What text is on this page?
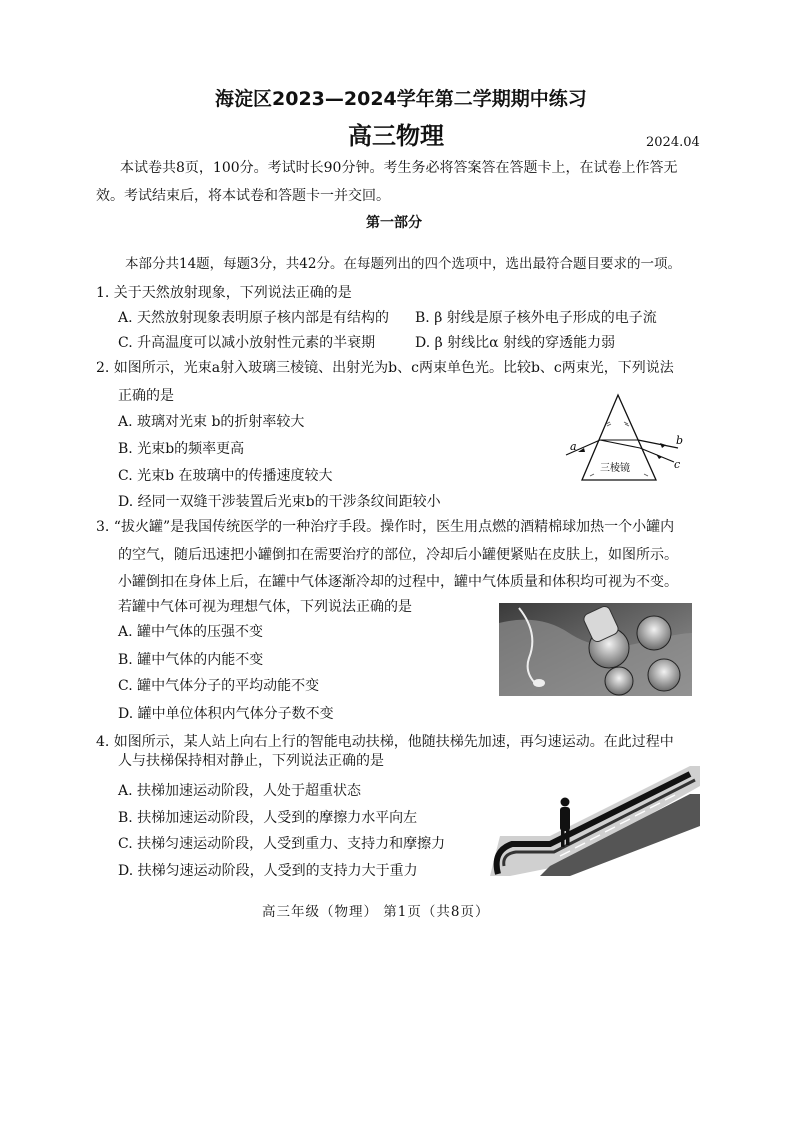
海淀区2023—2024学年第二学期期中练习
高三物理	2024.04
本试卷共8页，100分。考试时长90分钟。考生务必将答案答在答题卡上，在试卷上作答无
效。考试结束后，将本试卷和答题卡一并交回。
第一部分
本部分共14题，每题3分，共42分。在每题列出的四个选项中，选出最符合题目要求的一项。
1. 关于天然放射现象，下列说法正确的是
A. 天然放射现象表明原子核内部是有结构的 B. β 射线是原子核外电子形成的电子流
C. 升高温度可以减小放射性元素的半衰期	D. β 射线比α 射线的穿透能力弱
2. 如图所示，光束a射入玻璃三棱镜、出射光为b、c两束单色光。比较b、c两束光，下列说法
正确的是
A. 玻璃对光束 b的折射率较大
B. 光束b的频率更高
C. 光束b 在玻璃中的传播速度较大
D. 经同一双缝干涉装置后光束b的干涉条纹间距较小
a	b
c
三棱镜
3. “拔火罐”是我国传统医学的一种治疗手段。操作时，医生用点燃的酒精棉球加热一个小罐内
的空气，随后迅速把小罐倒扣在需要治疗的部位，冷却后小罐便紧贴在皮肤上，如图所示。
小罐倒扣在身体上后，在罐中气体逐渐冷却的过程中，罐中气体质量和体积均可视为不变。
若罐中气体可视为理想气体，下列说法正确的是
A. 罐中气体的压强不变
B. 罐中气体的内能不变
C. 罐中气体分子的平均动能不变
D. 罐中单位体积内气体分子数不变
4. 如图所示，某人站上向右上行的智能电动扶梯，他随扶梯先加速，再匀速运动。在此过程中
人与扶梯保持相对静止，下列说法正确的是
A. 扶梯加速运动阶段，人处于超重状态
B. 扶梯加速运动阶段，人受到的摩擦力水平向左
C. 扶梯匀速运动阶段，人受到重力、支持力和摩擦力
D. 扶梯匀速运动阶段，人受到的支持力大于重力
高三年级（物理） 第1页（共8页）
